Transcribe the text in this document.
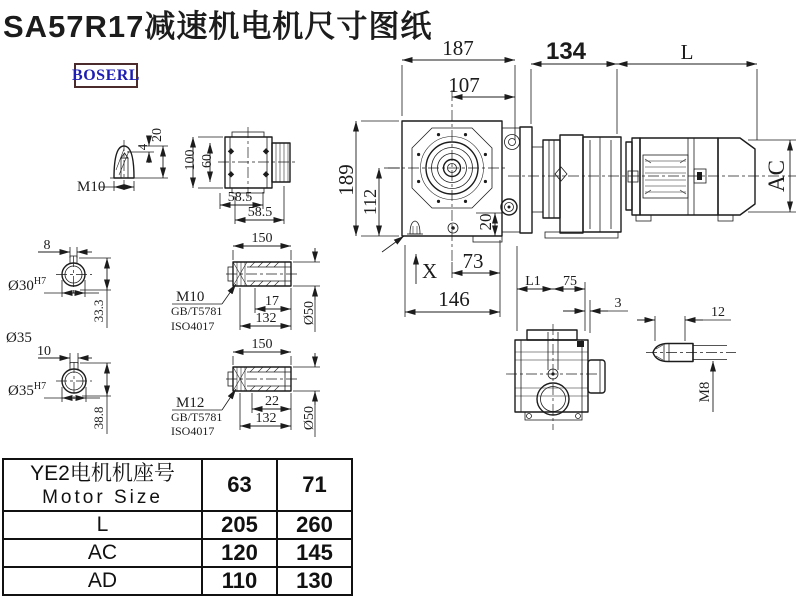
SA57R17减速机电机尺寸图纸
BOSERL
187
107
134	L
AC
189
112
20
X 73
146
M10
4
20
100 60
58.5
58.5
8
$Ø30^{H7}$
33.3
Ø35
10
$Ø35^{H7}$
38.8
150
M10
GB/T5781
ISO4017
17
132 Ø50
150
M12
GB/T5781
ISO4017
22
132 Ø50
L1 75
3
12
M8
YE2电机机座号
Motor Size	63	71
L	205	260
AC	120	145
AD	110	130
